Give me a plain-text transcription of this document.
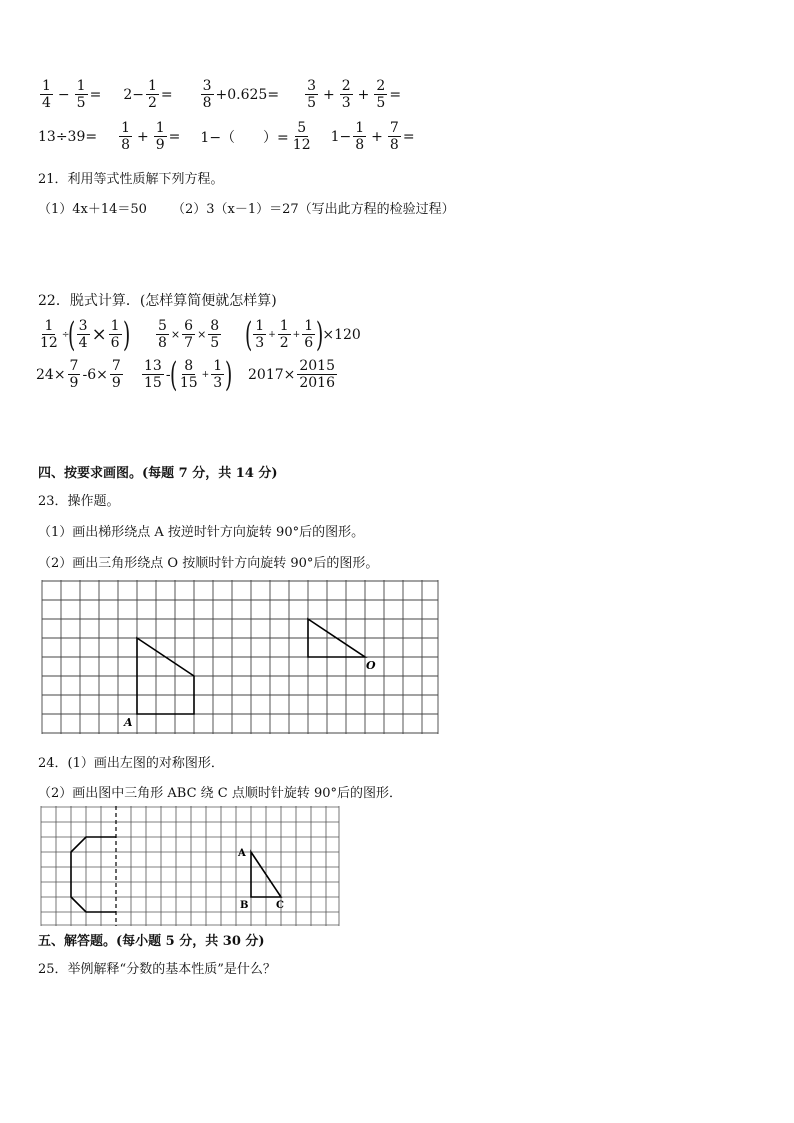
$\frac{1}{4} - \frac{1}{5} = 2- \frac{1}{2} = \frac{3}{8} +0.625= \frac{3}{5} + \frac{2}{3} + \frac{2}{5}$ =
$13\div 39= \frac{1}{8} + \frac{1}{9} = 1-$（　　）= $\frac{5}{12} 1- \frac{1}{8} + \frac{7}{8}$ =
21．利用等式性质解下列方程。
（1）4x＋14＝50 （2）3（x－1）＝27（写出此方程的检验过程）
22．脱式计算．(怎样算简便就怎样算)
$\frac{1}{12}$ ÷
( $\frac{3}{4} \times \frac{1}{6}$ ) $\frac{5}{8} \times \frac{6}{7} \times \frac{8}{5}$ ( $\frac{1}{3} + \frac{1}{2} + \frac{1}{6}$ )
×120
$24\times \frac{7}{9} -6\times \frac{7}{9} \frac{13}{15}$ -
( $\frac{8}{15} + \frac{1}{3}$ ) $2017\times \frac{2015}{2016}$
四、按要求画图。(每题 7 分，共 14 分)
23．操作题。
（1）画出梯形绕点 A 按逆时针方向旋转 90°后的图形。
（2）画出三角形绕点 O 按顺时针方向旋转 90°后的图形。
A
O
24．(1）画出左图的对称图形．
（2）画出图中三角形 ABC 绕 C 点顺时针旋转 90°后的图形．
A
B	C
五、解答题。(每小题 5 分，共 30 分)
25．举例解释“分数的基本性质”是什么？
